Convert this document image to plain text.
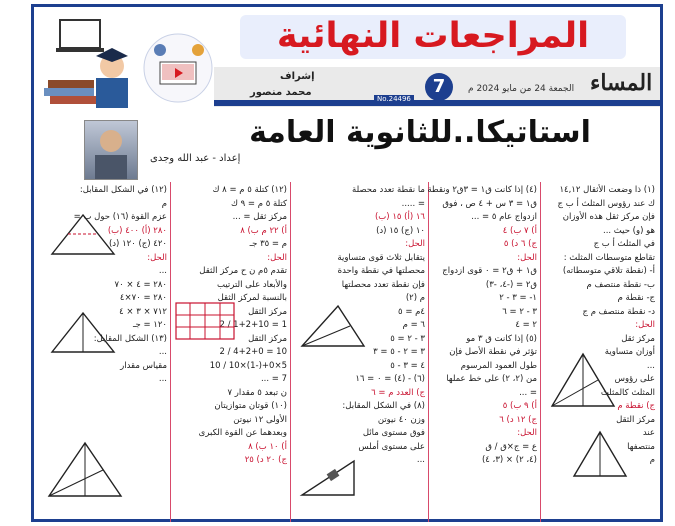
المراجعات النهائية
المساء
الجمعة 24 من مايو 2024 م
7
No.24496
إشراف
محمد منصور
استاتيكا..للثانوية العامة
إعداد - عبد الله وجدى
(١) ذا وضعت الأثقال ١٤,١٢
ك عند رؤوس المثلث أ ب ج
فإن مركز ثقل هذه الأوزان
هو (و) حيث ...
في المثلث أ ب ج
تقاطع متوسطات المثلث :
أ- (نقطة تلاقي متوسطاته)
ب- نقطة منتصف م
ج- نقطة م
د- نقطة منتصف م ج
الحل:
مركز ثقل
أوزان متساوية
...
على رؤوس
المثلث كالمثلث
ج) نقطة م
مركز الثقل
عند
منتصفها
م
(٤) إذا كانت ق١ = ٣ق٢ ونقطة
ق١ = ٣ س + ٤ ص ، فوق
ازدواج عام ٥ = ...
أ) ٧ ب) ٤
ج) ٦ د) ٥
الحل:
ق١ + ق٢ = ٠ قوى ازدواج
ق٢ = (-٤، -٣)
١- = ٣ - ٢
٣ - ٢ = ٦
٢ = ٤
(٥) إذا كانت ق ٣ مو
تؤثر في نقطة الأصل فإن
طول العمود المرسوم
من (٢، ٢) على خط عملها
= ...
أ) ٩ ب) ٥
ج) ١٢ د) ٦
الحل:
ع = ج×ق / ق
(٤، ٢) × (٣، ٤)
ما نقطة تعدد محصلة
= .....
١٦ (أ) ١٥ (ب)
١٠ (ج) ١٥ (د)
الحل:
يتقابل ثلاث قوى متساوية
محصلتها في نقطة واحدة
فإن نقطة تعدد محصلتها
م (٢)
٤م = ٥
٦ = م
٣ - ٢ = ٥
٣ = ٢ - ٥ = ٣
٤ = ٣ - ٥
(٦) - (٤) = ٠ = ١٦
ج) العدد م = ٦
(٨) في الشكل المقابل:
وزن ٤٠ نيوتن
فوق مستوى مائل
على مستوى أملس
...
(١٢) كتلة ٥ م = ٨ ك
كتلة ٥ م = ٩ ك
مركز ثقل = ...
أ) ٢٢ م ب) ٨
م = ٣٥ جـ
الحل:
تقدم ٥م ن ح مركز الثقل
والأبعاد على الترتيب
بالنسبة لمركز الثقل
مركز الثقل
1 = 1+2+10 / 2
مركز الثقل
10 = 4+2+0 / 2
5×0+(-1)×10 / 10
7 = ...
ن تبعد ٥ مقدار ٧
(١٠) قوتان متوازيتان
الأولى ١٢ نيوتن
وبعدهما عن القوة الكبرى
أ) ١٠ ب) ٨
ج) ٢٠ د) ٢٥
(١٢) في الشكل المقابل:
م
عزم القوة (١٦) حول ب =
٢٨٠ (أ) ٤٠٠ (ب)
٤٢٠ (ج) ١٢٠ (د)
الحل:
...
٢٨٠ = ٤ × ٧٠
٢٨٠ = ٧٠×٤
٧١٢ × ٣ × ٤
١٢٠ = جـ
(١٣) الشكل المقابل:
...
مقياس مقدار
...
